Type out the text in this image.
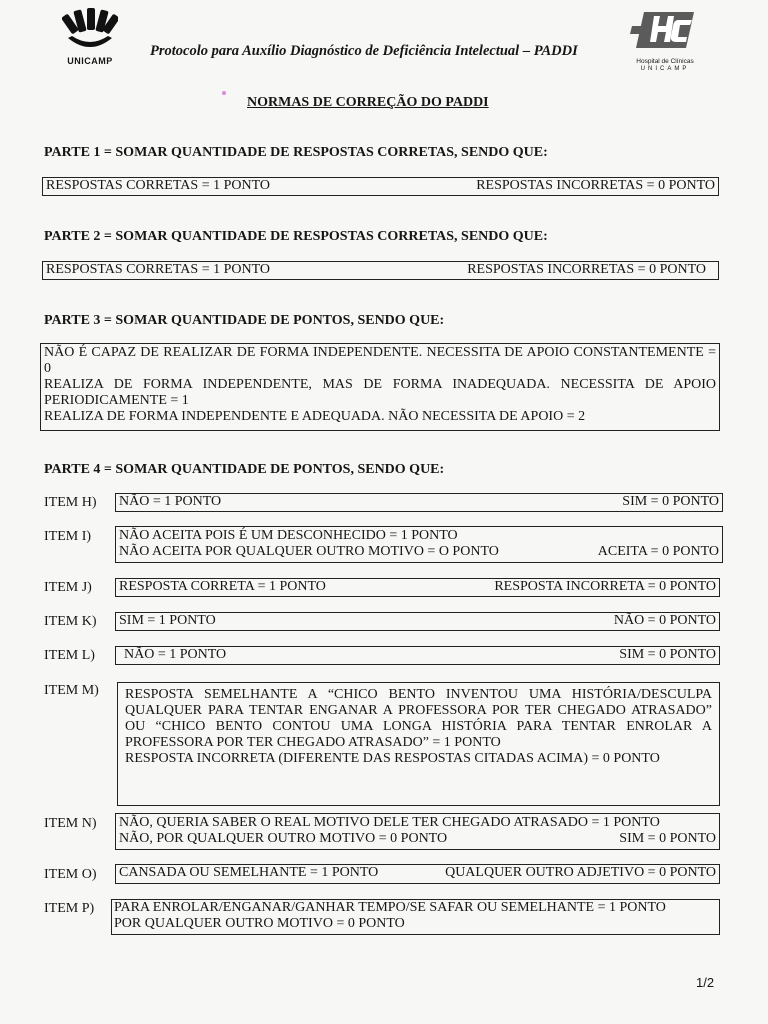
UNICAMP
Protocolo para Auxílio Diagnóstico de Deficiência Intelectual – PADDI
Hospital de Clínicas
UNICAMP
NORMAS DE CORREÇÃO DO PADDI
PARTE 1 = SOMAR QUANTIDADE DE RESPOSTAS CORRETAS, SENDO QUE:
RESPOSTAS CORRETAS = 1 PONTO	RESPOSTAS INCORRETAS = 0 PONTO
PARTE 2 = SOMAR QUANTIDADE DE RESPOSTAS CORRETAS, SENDO QUE:
RESPOSTAS CORRETAS = 1 PONTO	RESPOSTAS INCORRETAS = 0 PONTO
PARTE 3 = SOMAR QUANTIDADE DE PONTOS, SENDO QUE:
NÃO É CAPAZ DE REALIZAR DE FORMA INDEPENDENTE. NECESSITA DE APOIO CONSTANTEMENTE = 0
REALIZA DE FORMA INDEPENDENTE, MAS DE FORMA INADEQUADA. NECESSITA DE APOIO PERIODICAMENTE = 1
REALIZA DE FORMA INDEPENDENTE E ADEQUADA. NÃO NECESSITA DE APOIO = 2
PARTE 4 = SOMAR QUANTIDADE DE PONTOS, SENDO QUE:
ITEM H) NÃO = 1 PONTO	SIM = 0 PONTO
ITEM I) NÃO ACEITA POIS É UM DESCONHECIDO = 1 PONTO
NÃO ACEITA POR QUALQUER OUTRO MOTIVO = O PONTO	ACEITA = 0 PONTO
ITEM J) RESPOSTA CORRETA = 1 PONTO	RESPOSTA INCORRETA = 0 PONTO
ITEM K) SIM = 1 PONTO	NÃO = 0 PONTO
ITEM L) NÃO = 1 PONTO	SIM = 0 PONTO
ITEM M) RESPOSTA SEMELHANTE A “CHICO BENTO INVENTOU UMA HISTÓRIA/DESCULPA QUALQUER PARA TENTAR ENGANAR A PROFESSORA POR TER CHEGADO ATRASADO” OU “CHICO BENTO CONTOU UMA LONGA HISTÓRIA PARA TENTAR ENROLAR A PROFESSORA POR TER CHEGADO ATRASADO” = 1 PONTO
RESPOSTA INCORRETA (DIFERENTE DAS RESPOSTAS CITADAS ACIMA) = 0 PONTO
ITEM N) NÃO, QUERIA SABER O REAL MOTIVO DELE TER CHEGADO ATRASADO = 1 PONTO
NÃO, POR QUALQUER OUTRO MOTIVO = 0 PONTO	SIM = 0 PONTO
ITEM O) CANSADA OU SEMELHANTE = 1 PONTO	QUALQUER OUTRO ADJETIVO = 0 PONTO
ITEM P) PARA ENROLAR/ENGANAR/GANHAR TEMPO/SE SAFAR OU SEMELHANTE = 1 PONTO
POR QUALQUER OUTRO MOTIVO = 0 PONTO
1/2
